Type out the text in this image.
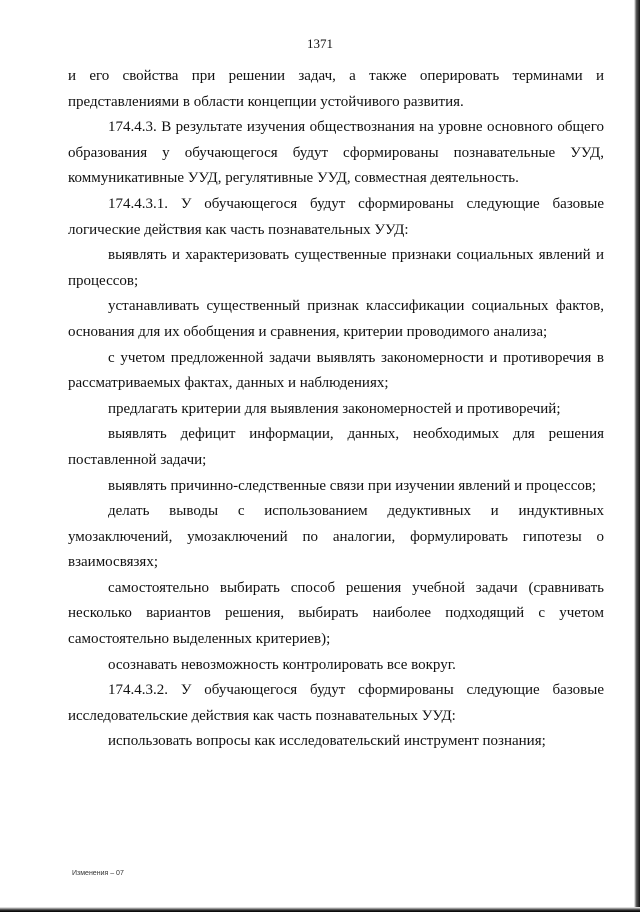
1371

и его свойства при решении задач, а также оперировать терминами и представлениями в области концепции устойчивого развития.

174.4.3. В результате изучения обществознания на уровне основного общего образования у обучающегося будут сформированы познавательные УУД, коммуникативные УУД, регулятивные УУД, совместная деятельность.

174.4.3.1. У обучающегося будут сформированы следующие базовые логические действия как часть познавательных УУД:

выявлять и характеризовать существенные признаки социальных явлений и процессов;

устанавливать существенный признак классификации социальных фактов, основания для их обобщения и сравнения, критерии проводимого анализа;

с учетом предложенной задачи выявлять закономерности и противоречия в рассматриваемых фактах, данных и наблюдениях;

предлагать критерии для выявления закономерностей и противоречий;

выявлять дефицит информации, данных, необходимых для решения поставленной задачи;

выявлять причинно-следственные связи при изучении явлений и процессов;

делать выводы с использованием дедуктивных и индуктивных умозаключений, умозаключений по аналогии, формулировать гипотезы о взаимосвязях;

самостоятельно выбирать способ решения учебной задачи (сравнивать несколько вариантов решения, выбирать наиболее подходящий с учетом самостоятельно выделенных критериев);

осознавать невозможность контролировать все вокруг.

174.4.3.2. У обучающегося будут сформированы следующие базовые исследовательские действия как часть познавательных УУД:

использовать вопросы как исследовательский инструмент познания;

Изменения – 07
